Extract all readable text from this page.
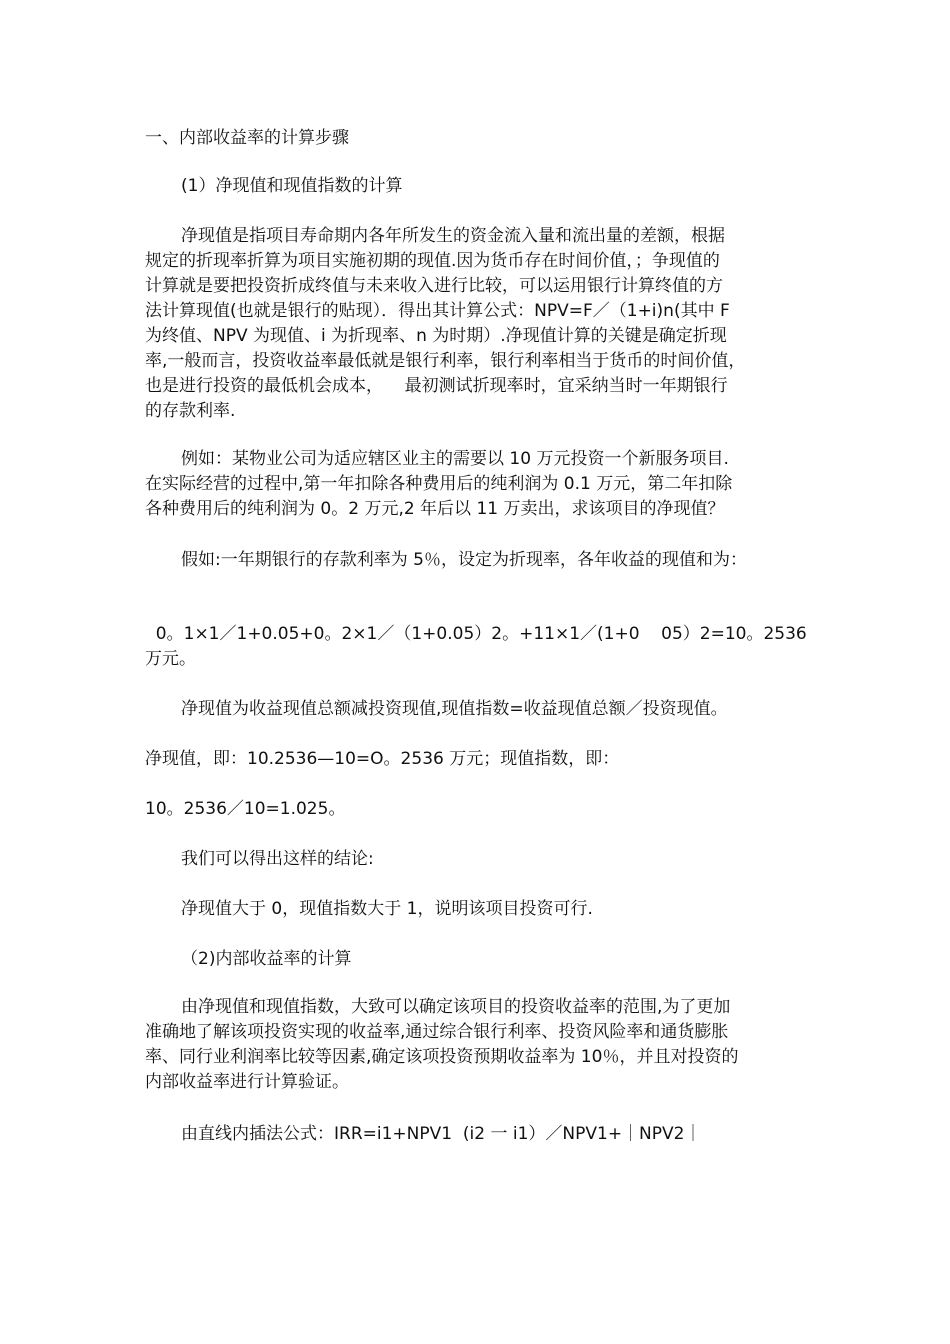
一、内部收益率的计算步骤

(1）净现值和现值指数的计算

净现值是指项目寿命期内各年所发生的资金流入量和流出量的差额，根据
规定的折现率折算为项目实施初期的现值.因为货币存在时间价值，；争现值的
计算就是要把投资折成终值与未来收入进行比较，可以运用银行计算终值的方
法计算现值(也就是银行的贴现）．得出其计算公式：NPV=F／（1+i)n(其中 F
为终值、NPV 为现值、i 为折现率、n 为时期）.净现值计算的关键是确定折现
率,一般而言，投资收益率最低就是银行利率，银行利率相当于货币的时间价值，
也是进行投资的最低机会成本，    最初测试折现率时，宜采纳当时一年期银行
的存款利率.
例如：某物业公司为适应辖区业主的需要以 10 万元投资一个新服务项目.
在实际经营的过程中,第一年扣除各种费用后的纯利润为 0.1 万元，第二年扣除
各种费用后的纯利润为 0。2 万元,2 年后以 11 万卖出，求该项目的净现值？

假如:一年期银行的存款利率为 5％，设定为折现率，各年收益的现值和为：

0。1×1／1+0.05+0。2×1／（1+0.05）2。+11×1／(1+0    05）2=10。2536
万元。

净现值为收益现值总额减投资现值,现值指数=收益现值总额／投资现值。

净现值，即：10.2536—10=O。2536 万元；现值指数，即：

10。2536／10=1.025。

我们可以得出这样的结论:

净现值大于 0，现值指数大于 1，说明该项目投资可行.

（2)内部收益率的计算

由净现值和现值指数，大致可以确定该项目的投资收益率的范围,为了更加
准确地了解该项投资实现的收益率,通过综合银行利率、投资风险率和通货膨胀
率、同行业利润率比较等因素,确定该项投资预期收益率为 10％，并且对投资的
内部收益率进行计算验证。

由直线内插法公式：IRR=i1+NPV1  (i2 一 i1）／NPV1+｜NPV2｜
